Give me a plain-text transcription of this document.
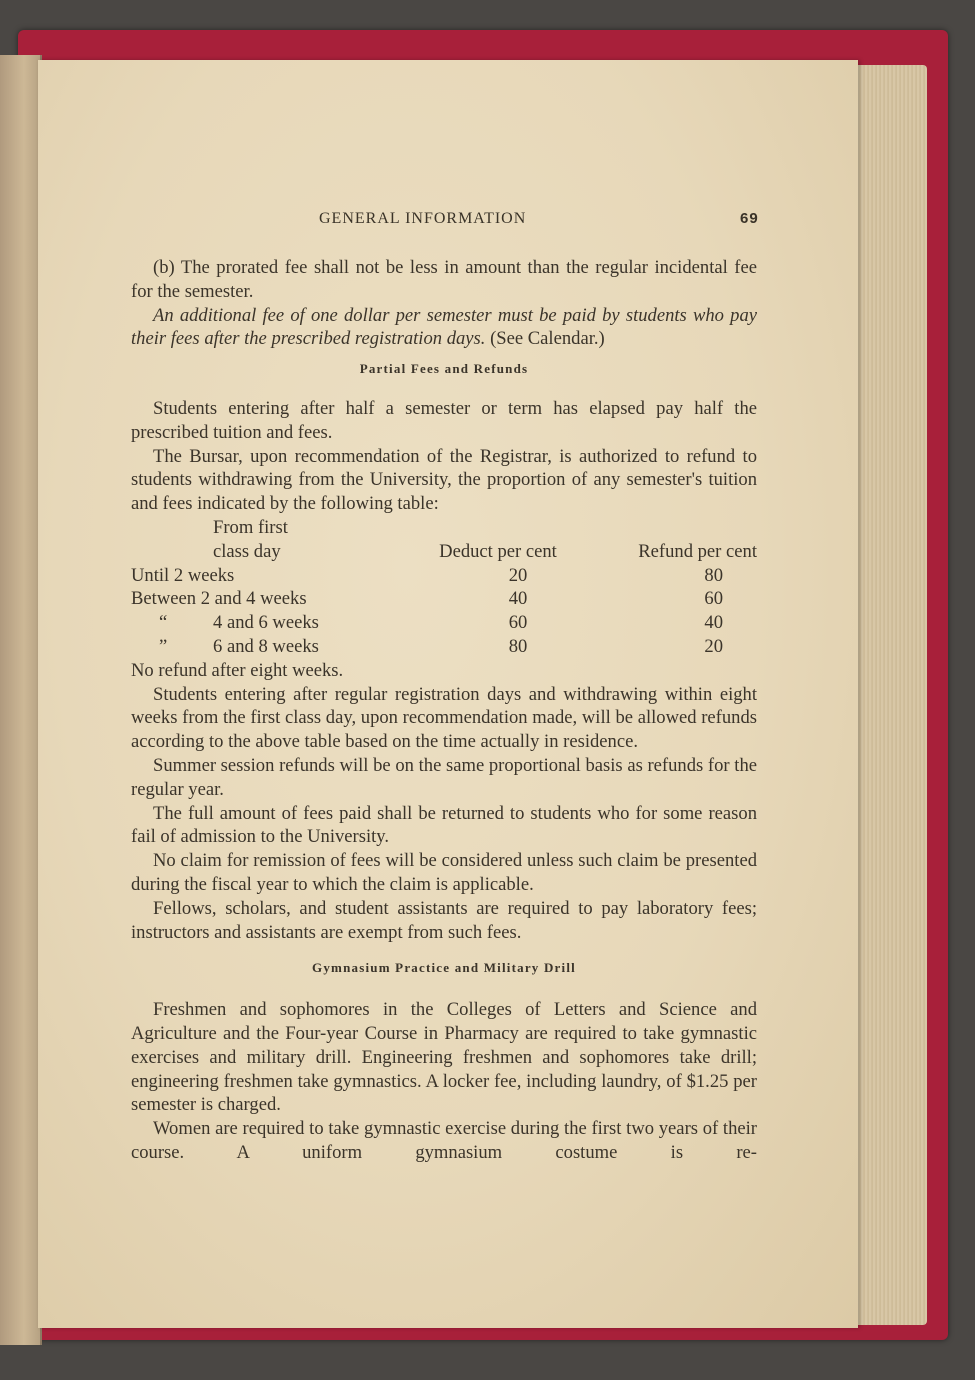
GENERAL INFORMATION	69

(b) The prorated fee shall not be less in amount than the regular incidental fee for the semester.

An additional fee of one dollar per semester must be paid by students who pay their fees after the prescribed registration days. (See Calendar.)

Partial Fees and Refunds

Students entering after half a semester or term has elapsed pay half the prescribed tuition and fees.

The Bursar, upon recommendation of the Registrar, is authorized to refund to students withdrawing from the University, the proportion of any semester's tuition and fees indicated by the following table:

From first		
class day	Deduct per cent	Refund per cent
Until 2 weeks	20	80
Between 2 and 4 weeks	40	60
“ 4 and 6 weeks	60	40
” 6 and 8 weeks	80	20

No refund after eight weeks.

Students entering after regular registration days and withdrawing within eight weeks from the first class day, upon recommendation made, will be allowed refunds according to the above table based on the time actually in residence.

Summer session refunds will be on the same proportional basis as refunds for the regular year.

The full amount of fees paid shall be returned to students who for some reason fail of admission to the University.

No claim for remission of fees will be considered unless such claim be presented during the fiscal year to which the claim is applicable.

Fellows, scholars, and student assistants are required to pay laboratory fees; instructors and assistants are exempt from such fees.

Gymnasium Practice and Military Drill

Freshmen and sophomores in the Colleges of Letters and Science and Agriculture and the Four-year Course in Pharmacy are required to take gymnastic exercises and military drill. Engineering freshmen and sophomores take drill; engineering freshmen take gymnastics. A locker fee, including laundry, of $1.25 per semester is charged.

Women are required to take gymnastic exercise during the first two years of their course. A uniform gymnasium costume is re-
